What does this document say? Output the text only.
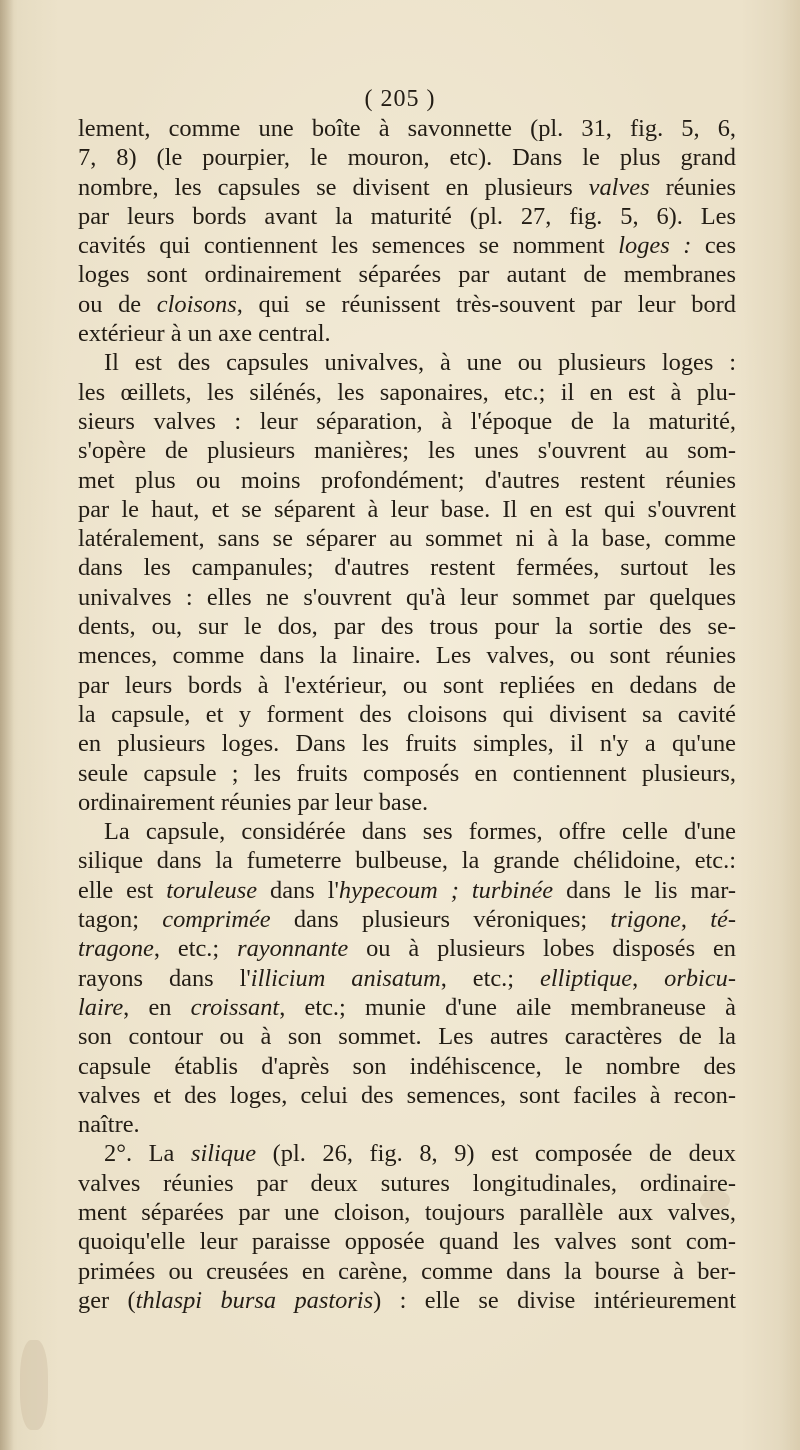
( 205 )
lement, comme une boîte à savonnette (pl. 31, fig. 5, 6,
7, 8) (le pourpier, le mouron, etc). Dans le plus grand
nombre, les capsules se divisent en plusieurs valves réunies
par leurs bords avant la maturité (pl. 27, fig. 5, 6). Les
cavités qui contiennent les semences se nomment loges : ces
loges sont ordinairement séparées par autant de membranes
ou de cloisons, qui se réunissent très-souvent par leur bord
extérieur à un axe central.
Il est des capsules univalves, à une ou plusieurs loges :
les œillets, les silénés, les saponaires, etc.; il en est à plu-
sieurs valves : leur séparation, à l'époque de la maturité,
s'opère de plusieurs manières; les unes s'ouvrent au som-
met plus ou moins profondément; d'autres restent réunies
par le haut, et se séparent à leur base. Il en est qui s'ouvrent
latéralement, sans se séparer au sommet ni à la base, comme
dans les campanules; d'autres restent fermées, surtout les
univalves : elles ne s'ouvrent qu'à leur sommet par quelques
dents, ou, sur le dos, par des trous pour la sortie des se-
mences, comme dans la linaire. Les valves, ou sont réunies
par leurs bords à l'extérieur, ou sont repliées en dedans de
la capsule, et y forment des cloisons qui divisent sa cavité
en plusieurs loges. Dans les fruits simples, il n'y a qu'une
seule capsule ; les fruits composés en contiennent plusieurs,
ordinairement réunies par leur base.
La capsule, considérée dans ses formes, offre celle d'une
silique dans la fumeterre bulbeuse, la grande chélidoine, etc.:
elle est toruleuse dans l'hypecoum ; turbinée dans le lis mar-
tagon; comprimée dans plusieurs véroniques; trigone, té-
tragone, etc.; rayonnante ou à plusieurs lobes disposés en
rayons dans l'illicium anisatum, etc.; elliptique, orbicu-
laire, en croissant, etc.; munie d'une aile membraneuse à
son contour ou à son sommet. Les autres caractères de la
capsule établis d'après son indéhiscence, le nombre des
valves et des loges, celui des semences, sont faciles à recon-
naître.
2°. La silique (pl. 26, fig. 8, 9) est composée de deux
valves réunies par deux sutures longitudinales, ordinaire-
ment séparées par une cloison, toujours parallèle aux valves,
quoiqu'elle leur paraisse opposée quand les valves sont com-
primées ou creusées en carène, comme dans la bourse à ber-
ger (thlaspi bursa pastoris) : elle se divise intérieurement
